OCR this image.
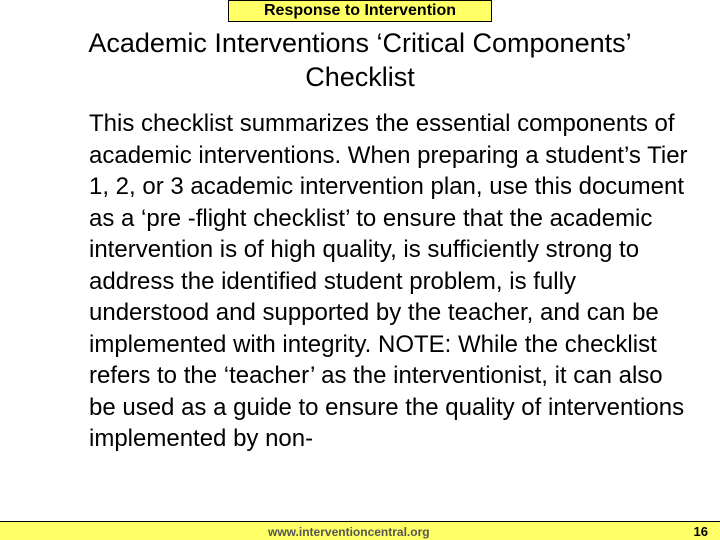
Response to Intervention
Academic Interventions ‘Critical Components’
Checklist

This checklist summarizes the essential components of academic interventions. When preparing a student’s Tier 1, 2, or 3 academic intervention plan, use this document as a ‘pre -flight checklist’ to ensure that the academic intervention is of high quality, is sufficiently strong to address the identified student problem, is fully understood and supported by the teacher, and can be implemented with integrity. NOTE: While the checklist refers to the ‘teacher’ as the interventionist, it can also be used as a guide to ensure the quality of interventions implemented by non-

www.interventioncentral.org	16
